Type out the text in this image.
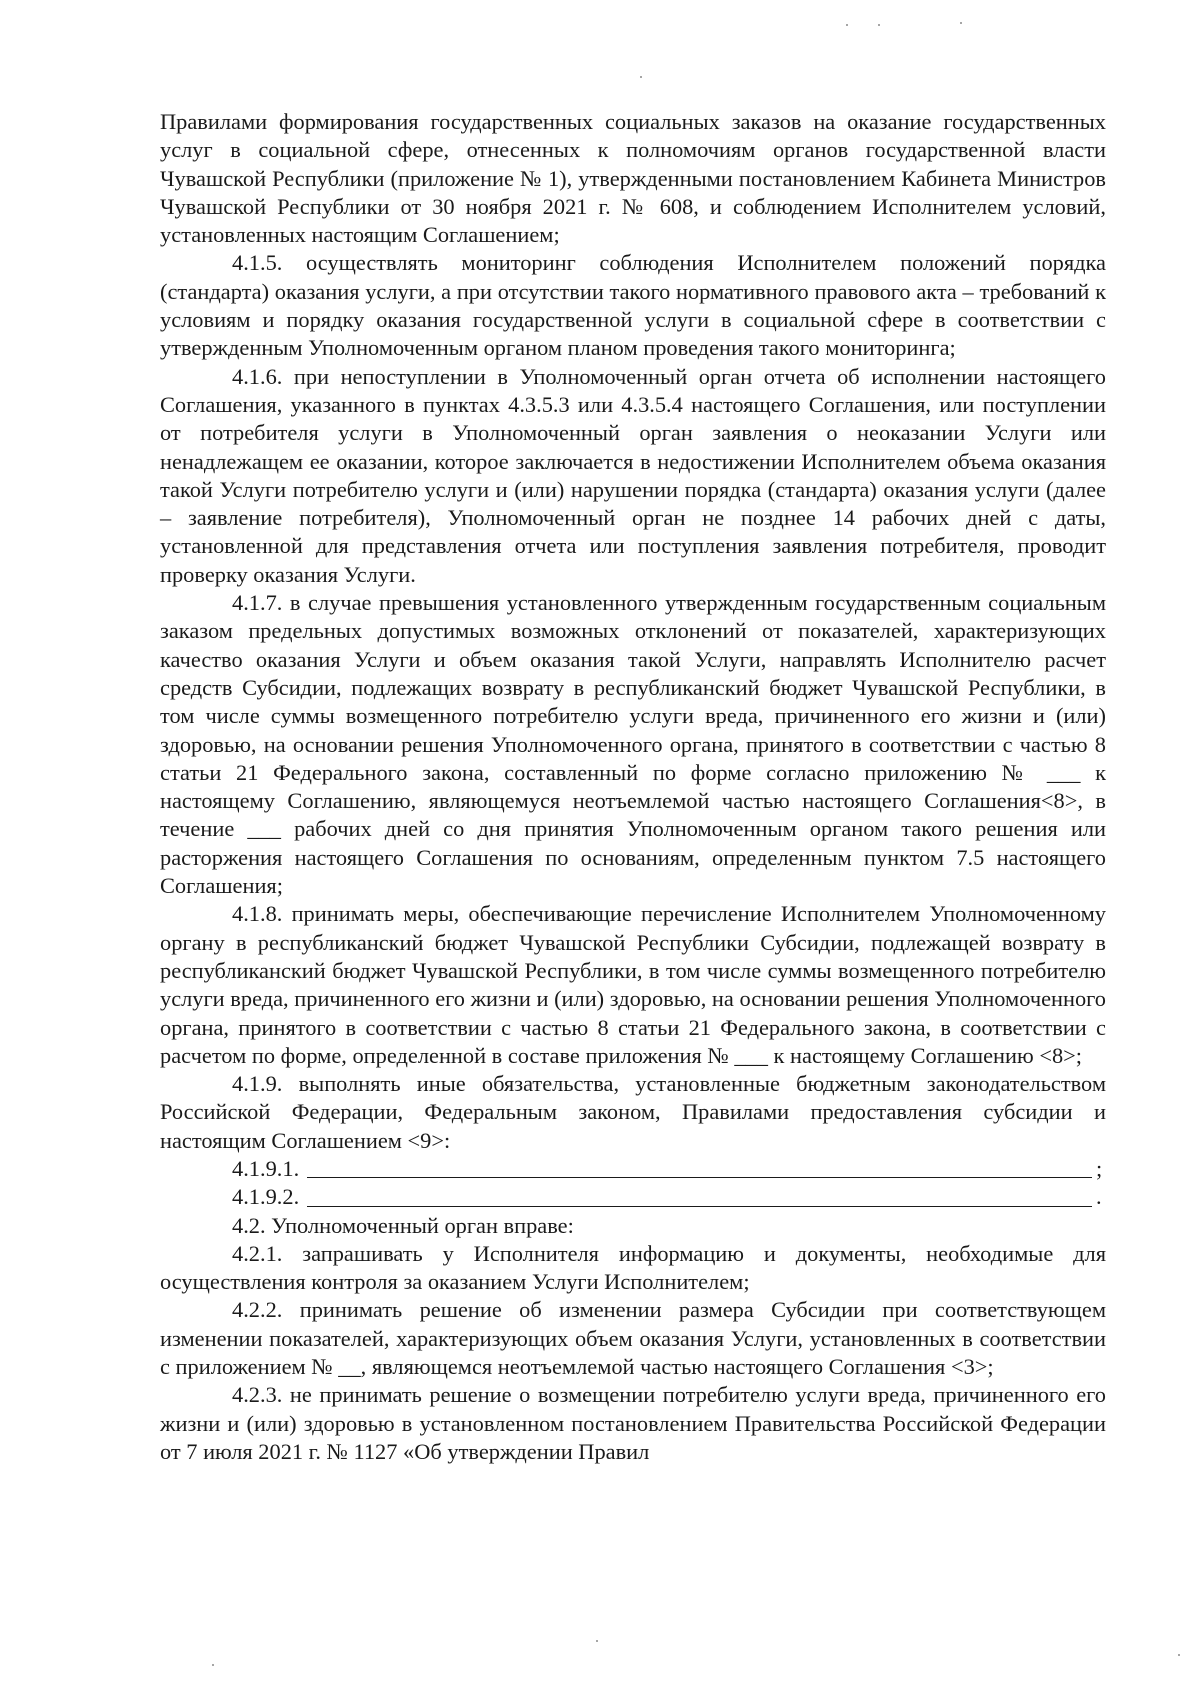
Правилами формирования государственных социальных заказов на оказание государственных услуг в социальной сфере, отнесенных к полномочиям органов государственной власти Чувашской Республики (приложение № 1), утвержденными постановлением Кабинета Министров Чувашской Республики от 30 ноября 2021 г. № 608, и соблюдением Исполнителем условий, установленных настоящим Соглашением;

4.1.5. осуществлять мониторинг соблюдения Исполнителем положений порядка (стандарта) оказания услуги, а при отсутствии такого нормативного правового акта – требований к условиям и порядку оказания государственной услуги в социальной сфере в соответствии с утвержденным Уполномоченным органом планом проведения такого мониторинга;

4.1.6. при непоступлении в Уполномоченный орган отчета об исполнении настоящего Соглашения, указанного в пунктах 4.3.5.3 или 4.3.5.4 настоящего Соглашения, или поступлении от потребителя услуги в Уполномоченный орган заявления о неоказании Услуги или ненадлежащем ее оказании, которое заключается в недостижении Исполнителем объема оказания такой Услуги потребителю услуги и (или) нарушении порядка (стандарта) оказания услуги (далее – заявление потребителя), Уполномоченный орган не позднее 14 рабочих дней с даты, установленной для представления отчета или поступления заявления потребителя, проводит проверку оказания Услуги.

4.1.7. в случае превышения установленного утвержденным государственным социальным заказом предельных допустимых возможных отклонений от показателей, характеризующих качество оказания Услуги и объем оказания такой Услуги, направлять Исполнителю расчет средств Субсидии, подлежащих возврату в республиканский бюджет Чувашской Республики, в том числе суммы возмещенного потребителю услуги вреда, причиненного его жизни и (или) здоровью, на основании решения Уполномоченного органа, принятого в соответствии с частью 8 статьи 21 Федерального закона, составленный по форме согласно приложению № ___ к настоящему Соглашению, являющемуся неотъемлемой частью настоящего Соглашения<8>, в течение ___ рабочих дней со дня принятия Уполномоченным органом такого решения или расторжения настоящего Соглашения по основаниям, определенным пунктом 7.5 настоящего Соглашения;

4.1.8. принимать меры, обеспечивающие перечисление Исполнителем Уполномоченному органу в республиканский бюджет Чувашской Республики Субсидии, подлежащей возврату в республиканский бюджет Чувашской Республики, в том числе суммы возмещенного потребителю услуги вреда, причиненного его жизни и (или) здоровью, на основании решения Уполномоченного органа, принятого в соответствии с частью 8 статьи 21 Федерального закона, в соответствии с расчетом по форме, определенной в составе приложения № ___ к настоящему Соглашению <8>;

4.1.9. выполнять иные обязательства, установленные бюджетным законодательством Российской Федерации, Федеральным законом, Правилами предоставления субсидии и настоящим Соглашением <9>:

4.1.9.1.	;
4.1.9.2.	.

4.2. Уполномоченный орган вправе:

4.2.1. запрашивать у Исполнителя информацию и документы, необходимые для осуществления контроля за оказанием Услуги Исполнителем;

4.2.2. принимать решение об изменении размера Субсидии при соответствующем изменении показателей, характеризующих объем оказания Услуги, установленных в соответствии с приложением № __, являющемся неотъемлемой частью настоящего Соглашения <3>;

4.2.3. не принимать решение о возмещении потребителю услуги вреда, причиненного его жизни и (или) здоровью в установленном постановлением Правительства Российской Федерации от 7 июля 2021 г. № 1127 «Об утверждении Правил
